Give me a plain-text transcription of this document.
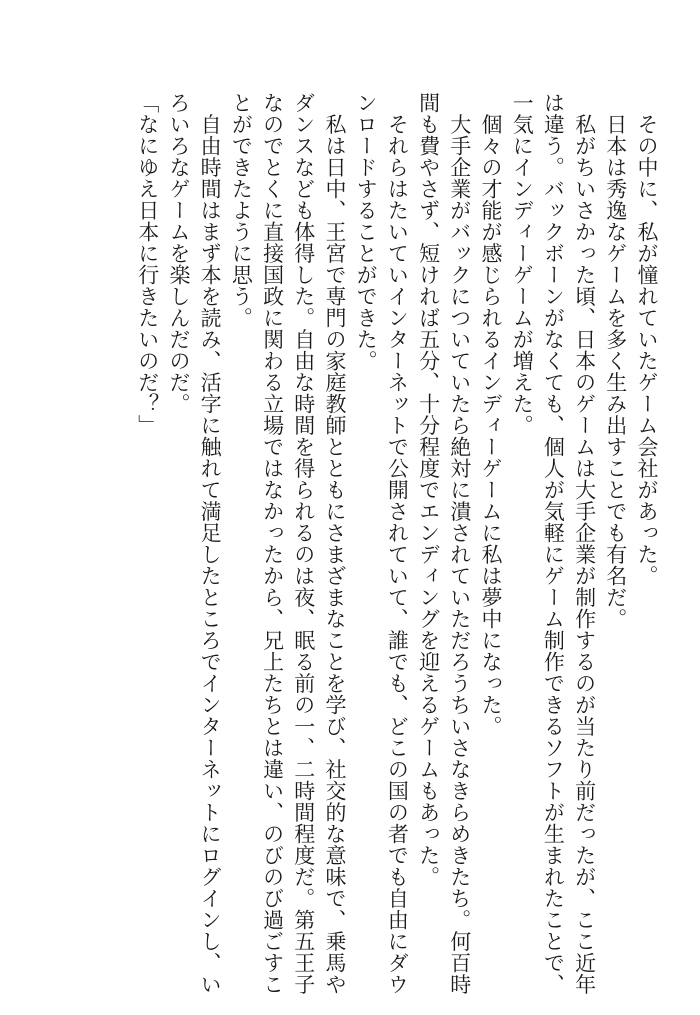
　その中に、私が憧れていたゲーム会社があった。
　日本は秀逸なゲームを多く生み出すことでも有名だ。
　私がちいさかった頃、日本のゲームは大手企業が制作するのが当たり前だったが、ここ近年
は違う。バックボーンがなくても、個人が気軽にゲーム制作できるソフトが生まれたことで、
一気にインディーゲームが増えた。
　個々の才能が感じられるインディーゲームに私は夢中になった。
　大手企業がバックについていたら絶対に潰されていただろうちいさなきらめきたち。何百時
間も費やさず、短ければ五分、十分程度でエンディングを迎えるゲームもあった。
　それらはたいていインターネットで公開されていて、誰でも、どこの国の者でも自由にダウ
ンロードすることができた。
　私は日中、王宮で専門の家庭教師とともにさまざまなことを学び、社交的な意味で、乗馬や
ダンスなども体得した。自由な時間を得られるのは夜、眠る前の一、二時間程度だ。第五王子
なのでとくに直接国政に関わる立場ではなかったから、兄上たちとは違い、のびのび過ごすこ
とができたように思う。
　自由時間はまず本を読み、活字に触れて満足したところでインターネットにログインし、い
ろいろなゲームを楽しんだのだ。
「なにゆえ日本に行きたいのだ？」
